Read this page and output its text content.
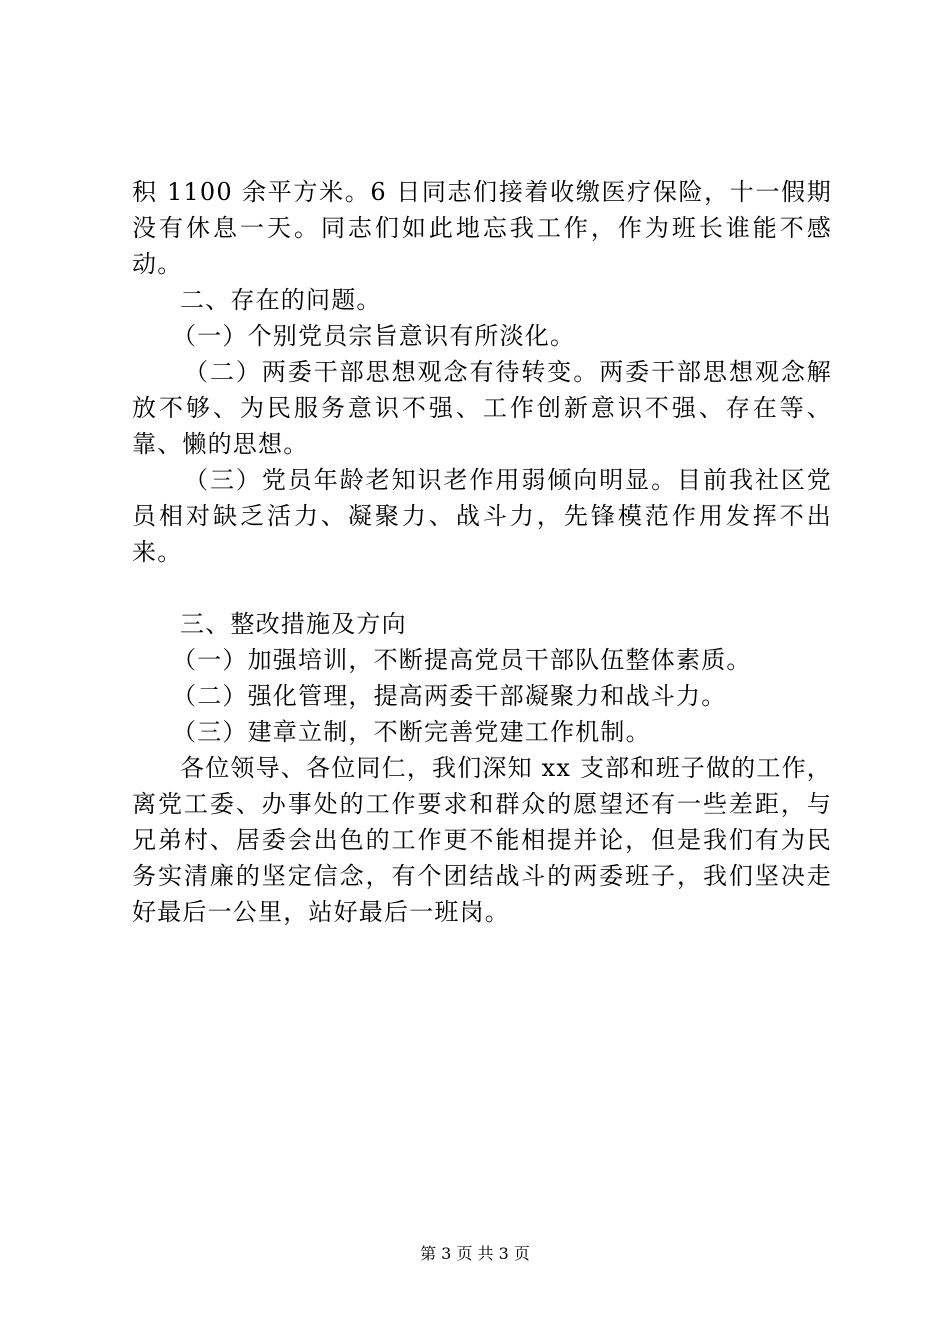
积 1100 余平方米。6 日同志们接着收缴医疗保险，十一假期没有休息一天。同志们如此地忘我工作，作为班长谁能不感动。

二、存在的问题。

（一）个别党员宗旨意识有所淡化。

（二）两委干部思想观念有待转变。两委干部思想观念解放不够、为民服务意识不强、工作创新意识不强、存在等、靠、懒的思想。

（三）党员年龄老知识老作用弱倾向明显。目前我社区党员相对缺乏活力、凝聚力、战斗力，先锋模范作用发挥不出来。

三、整改措施及方向

（一）加强培训，不断提高党员干部队伍整体素质。

（二）强化管理，提高两委干部凝聚力和战斗力。

（三）建章立制，不断完善党建工作机制。

各位领导、各位同仁，我们深知 xx 支部和班子做的工作，离党工委、办事处的工作要求和群众的愿望还有一些差距，与兄弟村、居委会出色的工作更不能相提并论，但是我们有为民务实清廉的坚定信念，有个团结战斗的两委班子，我们坚决走好最后一公里，站好最后一班岗。

第 3 页 共 3 页
